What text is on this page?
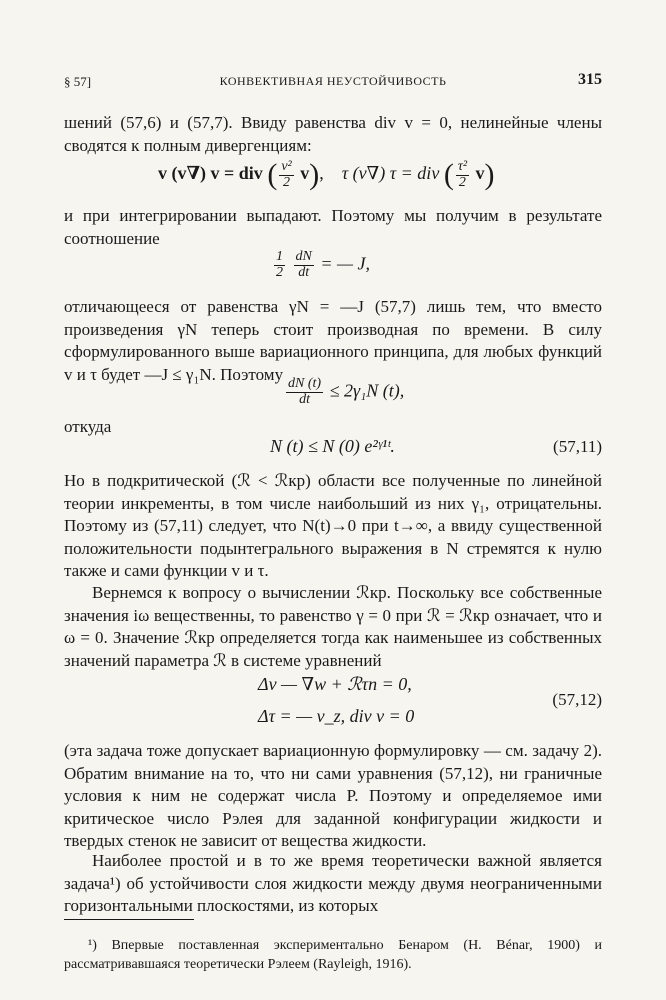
§ 57]	КОНВЕКТИВНАЯ НЕУСТОЙЧИВОСТЬ	315

шений (57,6) и (57,7). Ввиду равенства div v = 0, нелинейные члены сводятся к полным дивергенциям:

v (v∇) v = div ( $\frac{\text{v²}}{2} v$), τ (v∇) τ = div ( $\frac{\text{τ²}}{2} v$)

и при интегрировании выпадают. Поэтому мы получим в результате соотношение

$\frac{1}{2}$
$\frac{dN}{dt}$ = — J,

отличающееся от равенства γN = —J (57,7) лишь тем, что вместо произведения γN теперь стоит производная по времени. В силу сформулированного выше вариационного принципа, для любых функций v и τ будет —J ≤ γ₁N. Поэтому

$\frac{dN (t)}{dt} \le 2\gamma_1N$ (t),

откуда

N (t) ≤ N (0) e²ᵞ¹ᵗ.	(57,11)

Но в подкритической (ℛ < ℛкр) области все полученные по линейной теории инкременты, в том числе наибольший из них γ₁, отрицательны. Поэтому из (57,11) следует, что N(t)→0 при t→∞, а ввиду существенной положительности подынтегрального выражения в N стремятся к нулю также и сами функции v и τ.

Вернемся к вопросу о вычислении ℛкр. Поскольку все собственные значения iω вещественны, то равенство γ = 0 при ℛ = ℛкр означает, что и ω = 0. Значение ℛкр определяется тогда как наименьшее из собственных значений параметра ℛ в системе уравнений

Δv — ∇w + ℛτn = 0,
Δτ = — v_z, div v = 0
(57,12)

(эта задача тоже допускает вариационную формулировку — см. задачу 2). Обратим внимание на то, что ни сами уравнения (57,12), ни граничные условия к ним не содержат числа P. Поэтому и определяемое ими критическое число Рэлея для заданной конфигурации жидкости и твердых стенок не зависит от вещества жидкости.

Наиболее простой и в то же время теоретически важной является задача¹) об устойчивости слоя жидкости между двумя неограниченными горизонтальными плоскостями, из которых

¹) Впервые поставленная экспериментально Бенаром (H. Bénar, 1900) и рассматривавшаяся теоретически Рэлеем (Rayleigh, 1916).
